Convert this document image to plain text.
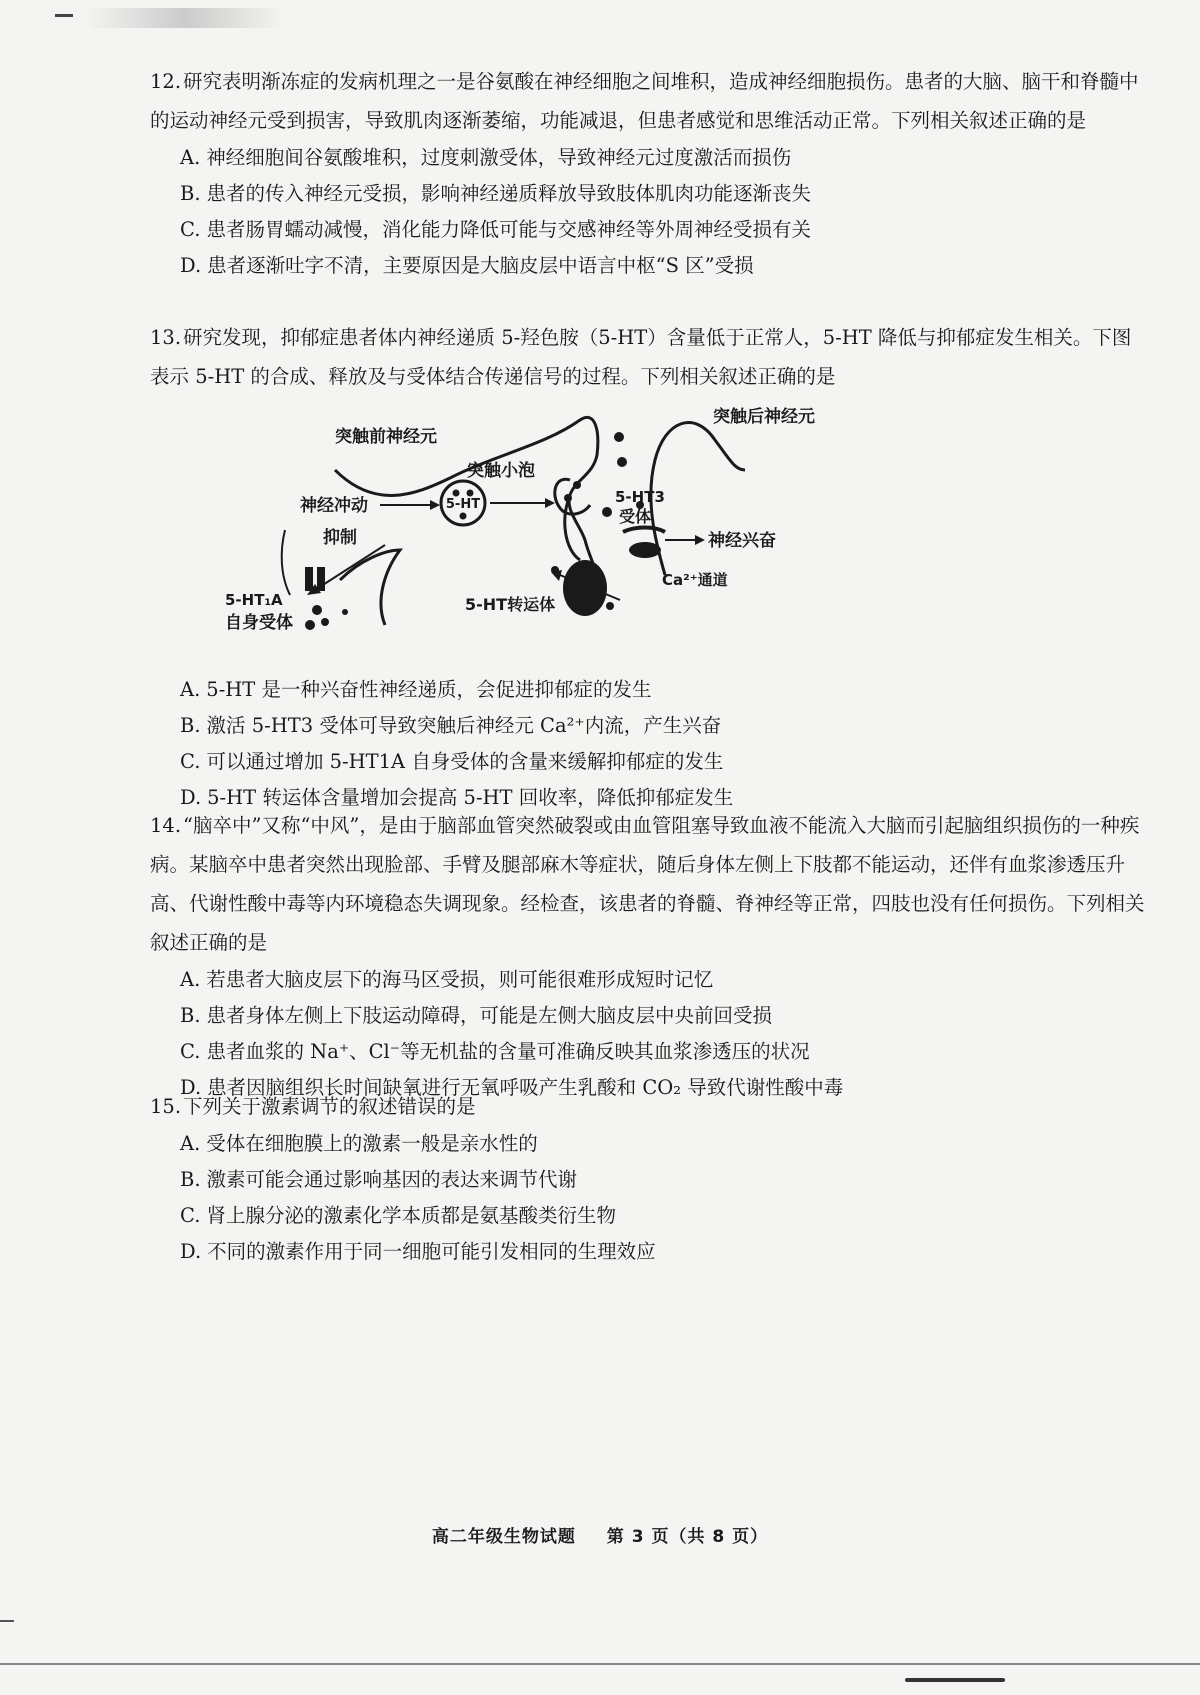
12. 研究表明渐冻症的发病机理之一是谷氨酸在神经细胞之间堆积，造成神经细胞损伤。患者的大脑、脑干和脊髓中的运动神经元受到损害，导致肌肉逐渐萎缩，功能减退，但患者感觉和思维活动正常。下列相关叙述正确的是

A. 神经细胞间谷氨酸堆积，过度刺激受体，导致神经元过度激活而损伤

B. 患者的传入神经元受损，影响神经递质释放导致肢体肌肉功能逐渐丧失

C. 患者肠胃蠕动减慢，消化能力降低可能与交感神经等外周神经受损有关

D. 患者逐渐吐字不清，主要原因是大脑皮层中语言中枢“S 区”受损

13. 研究发现，抑郁症患者体内神经递质 5-羟色胺（5-HT）含量低于正常人，5-HT 降低与抑郁症发生相关。下图表示 5-HT 的合成、释放及与受体结合传递信号的过程。下列相关叙述正确的是

A. 5-HT 是一种兴奋性神经递质，会促进抑郁症的发生

B. 激活 5-HT3 受体可导致突触后神经元 Ca²⁺内流，产生兴奋

C. 可以通过增加 5-HT1A 自身受体的含量来缓解抑郁症的发生

D. 5-HT 转运体含量增加会提高 5-HT 回收率，降低抑郁症发生

5-HT
突触前神经元
突触后神经元
突触小泡
神经冲动
抑制
5-HT3
受体
神经兴奋
Ca²⁺通道
5-HT转运体
5-HT₁A
自身受体

14. “脑卒中”又称“中风”，是由于脑部血管突然破裂或由血管阻塞导致血液不能流入大脑而引起脑组织损伤的一种疾病。某脑卒中患者突然出现脸部、手臂及腿部麻木等症状，随后身体左侧上下肢都不能运动，还伴有血浆渗透压升高、代谢性酸中毒等内环境稳态失调现象。经检查，该患者的脊髓、脊神经等正常，四肢也没有任何损伤。下列相关叙述正确的是

A. 若患者大脑皮层下的海马区受损，则可能很难形成短时记忆

B. 患者身体左侧上下肢运动障碍，可能是左侧大脑皮层中央前回受损

C. 患者血浆的 Na⁺、Cl⁻等无机盐的含量可准确反映其血浆渗透压的状况

D. 患者因脑组织长时间缺氧进行无氧呼吸产生乳酸和 CO₂ 导致代谢性酸中毒

15. 下列关于激素调节的叙述错误的是

A. 受体在细胞膜上的激素一般是亲水性的

B. 激素可能会通过影响基因的表达来调节代谢

C. 肾上腺分泌的激素化学本质都是氨基酸类衍生物

D. 不同的激素作用于同一细胞可能引发相同的生理效应

高二年级生物试题 第 3 页（共 8 页）
